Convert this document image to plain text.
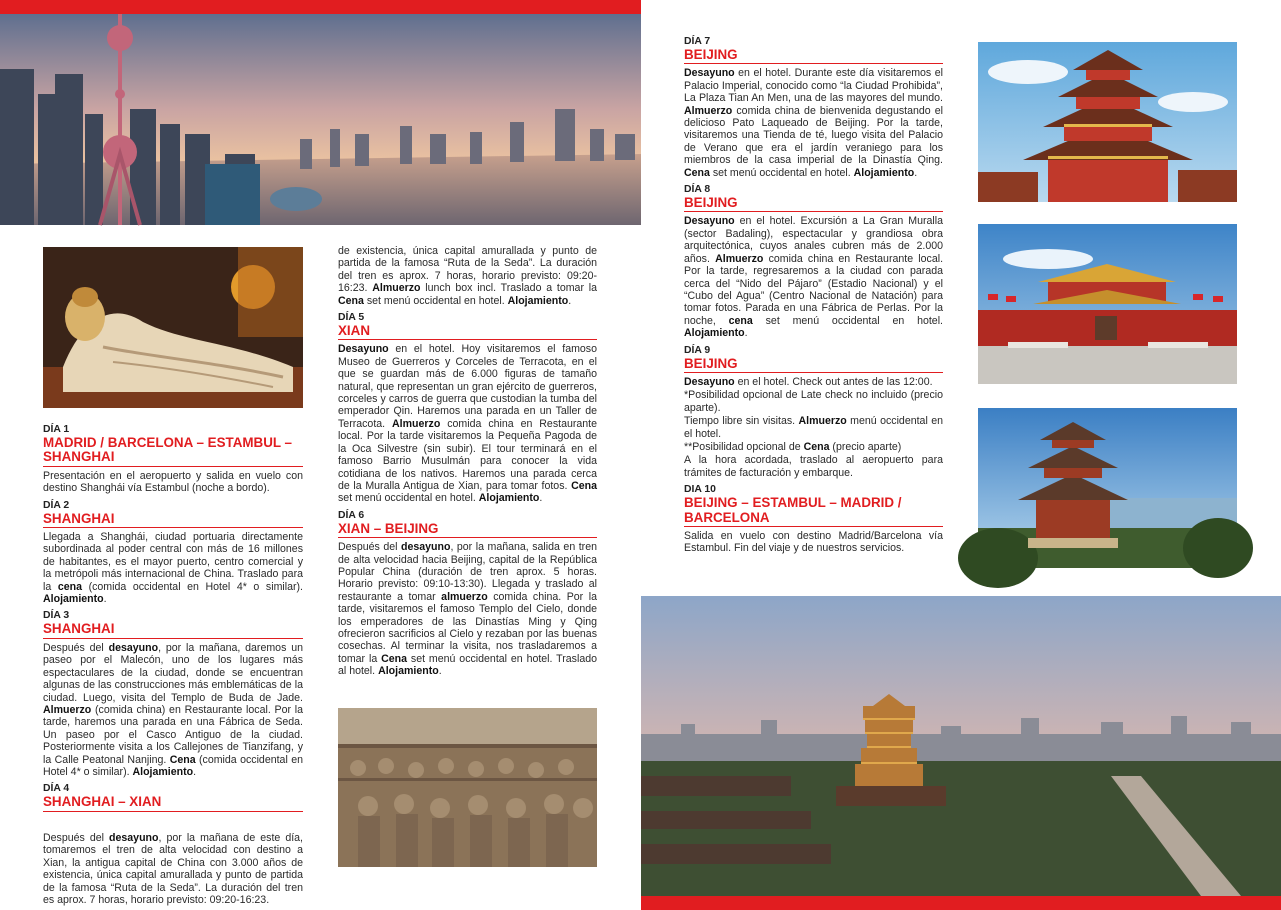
DÍA 1
MADRID / BARCELONA – ESTAMBUL – SHANGHAI
Presentación en el aeropuerto y salida en vuelo con destino Shanghái vía Estambul (noche a bordo).
DÍA 2
SHANGHAI
Llegada a Shanghái, ciudad portuaria directamente subordinada al poder central con más de 16 millones de habitantes, es el mayor puerto, centro comercial y la metrópoli más internacional de China. Traslado para la cena (comida occidental en Hotel 4* o similar). Alojamiento.
DÍA 3
SHANGHAI
Después del desayuno, por la mañana, daremos un paseo por el Malecón, uno de los lugares más espectaculares de la ciudad, donde se encuentran algunas de las construcciones más emblemáticas de la ciudad. Luego, visita del Templo de Buda de Jade. Almuerzo (comida china) en Restaurante local. Por la tarde, haremos una parada en una Fábrica de Seda. Un paseo por el Casco Antiguo de la ciudad. Posteriormente visita a los Callejones de Tianzifang, y la Calle Peatonal Nanjing. Cena (comida occidental en Hotel 4* o similar). Alojamiento.
DÍA 4
SHANGHAI – XIAN
Después del desayuno, por la mañana de este día, tomaremos el tren de alta velocidad con destino a Xian, la antigua capital de China con 3.000 años de existencia, única capital amurallada y punto de partida de la famosa “Ruta de la Seda”. La duración del tren es aprox. 7 horas, horario previsto: 09:20-16:23.
de existencia, única capital amurallada y punto de partida de la famosa “Ruta de la Seda”. La duración del tren es aprox. 7 horas, horario previsto: 09:20-16:23. Almuerzo lunch box incl. Traslado a tomar la Cena set menú occidental en hotel. Alojamiento.
DÍA 5
XIAN
Desayuno en el hotel. Hoy visitaremos el famoso Museo de Guerreros y Corceles de Terracota, en el que se guardan más de 6.000 figuras de tamaño natural, que representan un gran ejército de guerreros, corceles y carros de guerra que custodian la tumba del emperador Qin. Haremos una parada en un Taller de Terracota. Almuerzo comida china en Restaurante local. Por la tarde visitaremos la Pequeña Pagoda de la Oca Silvestre (sin subir). El tour terminará en el famoso Barrio Musulmán para conocer la vida cotidiana de los nativos. Haremos una parada cerca de la Muralla Antigua de Xian, para tomar fotos. Cena set menú occidental en hotel. Alojamiento.
DÍA 6
XIAN – BEIJING
Después del desayuno, por la mañana, salida en tren de alta velocidad hacia Beijing, capital de la República Popular China (duración de tren aprox. 5 horas. Horario previsto: 09:10-13:30). Llegada y traslado al restaurante a tomar almuerzo comida china. Por la tarde, visitaremos el famoso Templo del Cielo, donde los emperadores de las Dinastías Ming y Qing ofrecieron sacrificios al Cielo y rezaban por las buenas cosechas. Al terminar la visita, nos trasladaremos a tomar la Cena set menú occidental en hotel. Traslado al hotel. Alojamiento.
DÍA 7
BEIJING
Desayuno en el hotel. Durante este día visitaremos el Palacio Imperial, conocido como “la Ciudad Prohibida”, La Plaza Tian An Men, una de las mayores del mundo. Almuerzo comida china de bienvenida degustando el delicioso Pato Laqueado de Beijing. Por la tarde, visitaremos una Tienda de té, luego visita del Palacio de Verano que era el jardín veraniego para los miembros de la casa imperial de la Dinastía Qing. Cena set menú occidental en hotel. Alojamiento.
DÍA 8
BEIJING
Desayuno en el hotel. Excursión a La Gran Muralla (sector Badaling), espectacular y grandiosa obra arquitectónica, cuyos anales cubren más de 2.000 años. Almuerzo comida china en Restaurante local. Por la tarde, regresaremos a la ciudad con parada cerca del “Nido del Pájaro” (Estadio Nacional) y el “Cubo del Agua” (Centro Nacional de Natación) para tomar fotos. Parada en una Fábrica de Perlas. Por la noche, cena set menú occidental en hotel. Alojamiento.
DÍA 9
BEIJING
Desayuno en el hotel. Check out antes de las 12:00.
*Posibilidad opcional de Late check no incluido (precio aparte).
Tiempo libre sin visitas. Almuerzo menú occidental en el hotel.
**Posibilidad opcional de Cena (precio aparte)
A la hora acordada, traslado al aeropuerto para trámites de facturación y embarque.
DIA 10
BEIJING – ESTAMBUL – MADRID / BARCELONA
Salida en vuelo con destino Madrid/Barcelona vía Estambul. Fin del viaje y de nuestros servicios.
